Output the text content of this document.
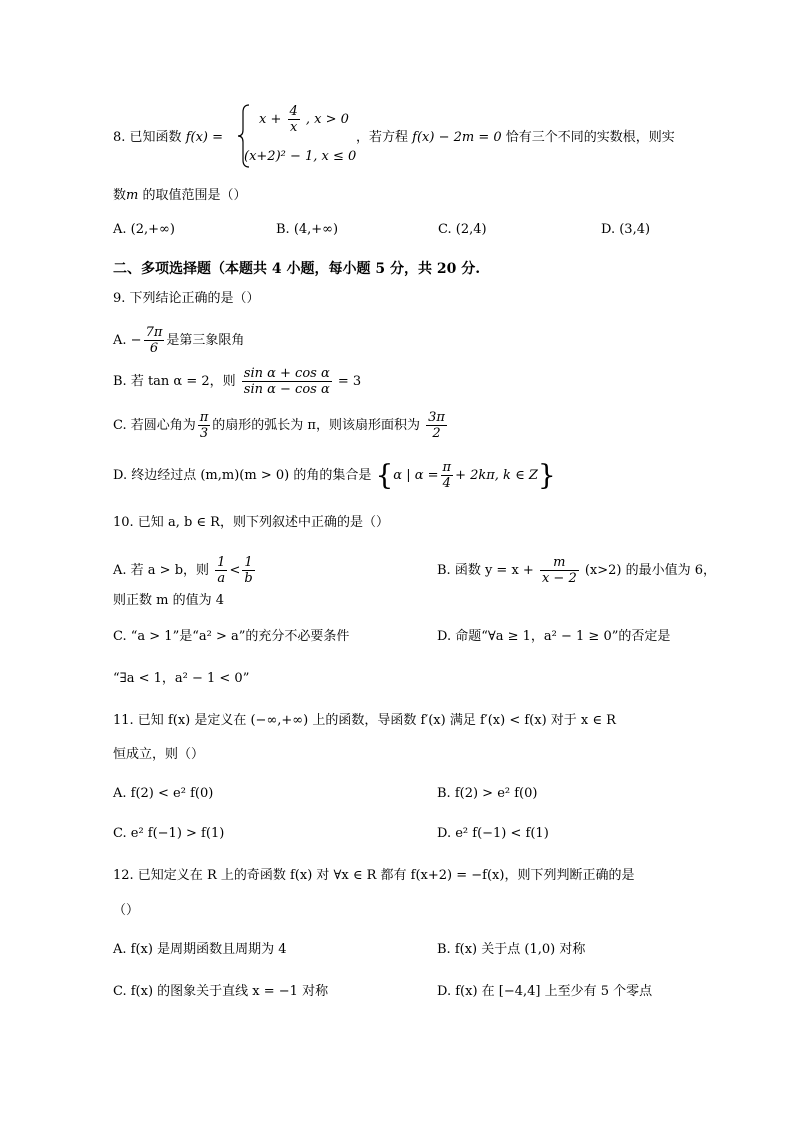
8. 已知函数 f(x) =
$x + \frac{4}{x}$ , x > 0
(x+2)² − 1, x ≤ 0
，若方程 f(x) − 2m = 0 恰有三个不同的实数根，则实
数m 的取值范围是（）
A. (2,+∞)	B. (4,+∞)	C. (2,4)	D. (3,4)
二、多项选择题（本题共 4 小题，每小题 5 分，共 20 分.
9. 下列结论正确的是（）
A. − $\frac{7\pi}{6}$ 是第三象限角
B. 若 tan α = 2，则 $\frac{\text{sin α + cos α}}{\text{sin α − cos α}} = 3$
C. 若圆心角为 $\frac{\pi}{3}$ 的扇形的弧长为 π，则该扇形面积为 $\frac{3\pi}{2}$
D. 终边经过点 (m,m)(m > 0) 的角的集合是 {α | $\alpha = \frac{\pi}{4} + 2k\pi$, k ∈ Z}
10. 已知 a, b ∈ R，则下列叙述中正确的是（）
A. 若 a > b，则 $\frac{1}{a} < \frac{1}{b}$	B. 函数 $y = x + \frac{m}{x - 2} (x>2)$ 的最小值为 6，
则正数 m 的值为 4
C. “a > 1”是“a² > a”的充分不必要条件	D. 命题“∀a ≥ 1，a² − 1 ≥ 0”的否定是
“∃a < 1，a² − 1 < 0”
11. 已知 f(x) 是定义在 (−∞,+∞) 上的函数，导函数 f′(x) 满足 f′(x) < f(x) 对于 x ∈ R
恒成立，则（）
A. f(2) < e² f(0)	B. f(2) > e² f(0)
C. e² f(−1) > f(1)	D. e² f(−1) < f(1)
12. 已知定义在 R 上的奇函数 f(x) 对 ∀x ∈ R 都有 f(x+2) = −f(x)，则下列判断正确的是
（）
A. f(x) 是周期函数且周期为 4	B. f(x) 关于点 (1,0) 对称
C. f(x) 的图象关于直线 x = −1 对称	D. f(x) 在 [−4,4] 上至少有 5 个零点
